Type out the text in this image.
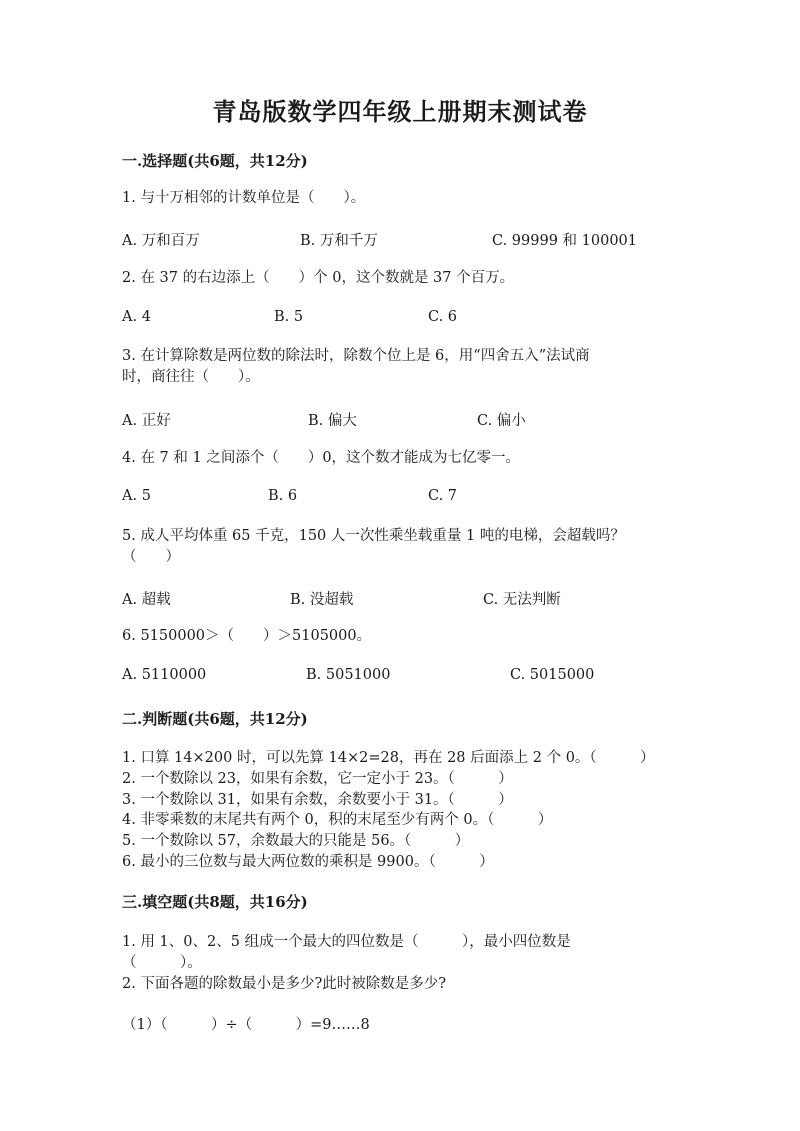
青岛版数学四年级上册期末测试卷
一.选择题(共6题，共12分)
1. 与十万相邻的计数单位是（　　）。
A. 万和百万	B. 万和千万	C. 99999 和 100001
2. 在 37 的右边添上（　　）个 0，这个数就是 37 个百万。
A. 4	B. 5	C. 6
3. 在计算除数是两位数的除法时，除数个位上是 6，用“四舍五入”法试商
时，商往往（　　）。
A. 正好	B. 偏大	C. 偏小
4. 在 7 和 1 之间添个（　　）0，这个数才能成为七亿零一。
A. 5	B. 6	C. 7
5. 成人平均体重 65 千克，150 人一次性乘坐载重量 1 吨的电梯，会超载吗？
（　　）
A. 超载	B. 没超载	C. 无法判断
6. 5150000＞（　　）＞5105000。
A. 5110000	B. 5051000	C. 5015000
二.判断题(共6题，共12分)
1. 口算 14×200 时，可以先算 14×2=28，再在 28 后面添上 2 个 0。（　　　）
2. 一个数除以 23，如果有余数，它一定小于 23。（　　　）
3. 一个数除以 31，如果有余数，余数要小于 31。（　　　）
4. 非零乘数的末尾共有两个 0，积的末尾至少有两个 0。（　　　）
5. 一个数除以 57，余数最大的只能是 56。（　　　）
6. 最小的三位数与最大两位数的乘积是 9900。（　　　）
三.填空题(共8题，共16分)
1. 用 1、0、2、5 组成一个最大的四位数是（　　　），最小四位数是
（　　　）。
2. 下面各题的除数最小是多少?此时被除数是多少?
（1）（　　　）÷（　　　）=9……8
